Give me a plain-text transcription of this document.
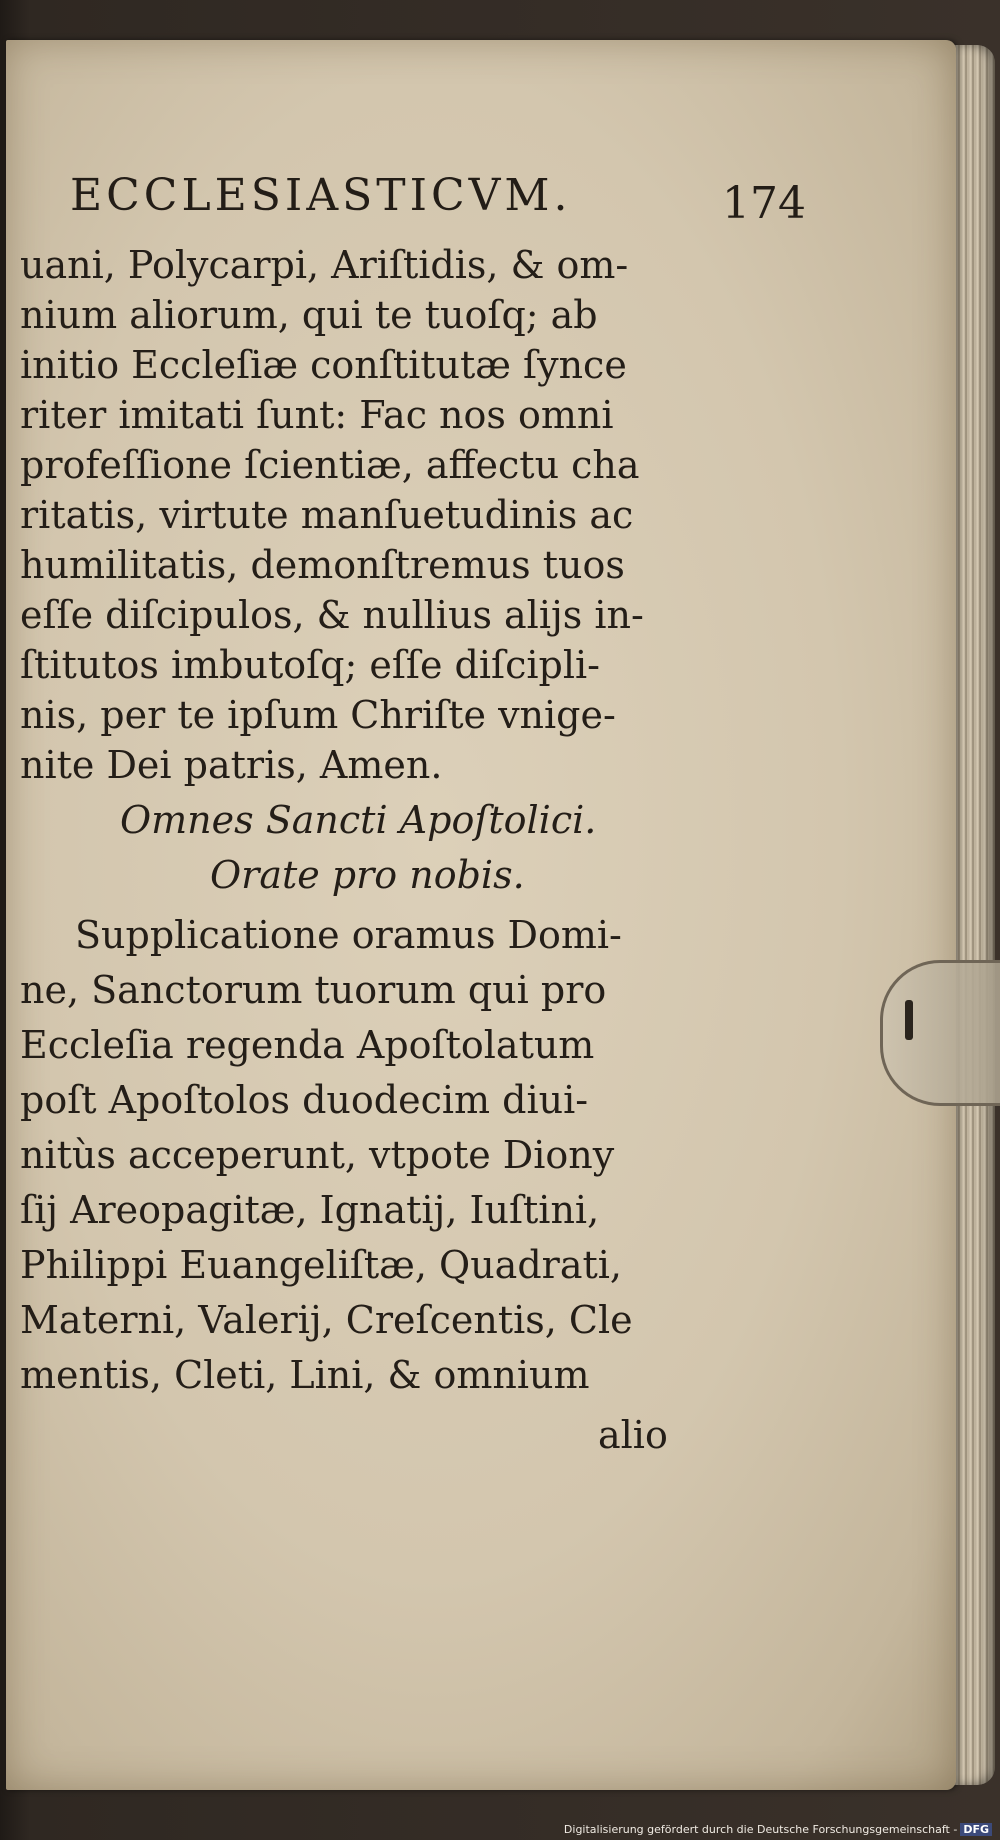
ECCLESIASTICVM.	174
uani, Polycarpi, Ariſtidis, & om-
nium aliorum, qui te tuoſq; ab
initio Eccleſiæ conſtitutæ ſynce
riter imitati ſunt: Fac nos omni
profeſſione ſcientiæ, affectu cha
ritatis, virtute manſuetudinis ac
humilitatis, demonſtremus tuos
eſſe diſcipulos, & nullius alijs in-
ſtitutos imbutoſq; eſſe diſcipli-
nis, per te ipſum Chriſte vnige-
nite Dei patris, Amen.
Omnes Sancti Apoſtolici.
Orate pro nobis.
Supplicatione oramus Domi-
ne, Sanctorum tuorum qui pro
Eccleſia regenda Apoſtolatum
poſt Apoſtolos duodecim diui-
nitùs acceperunt, vtpote Diony
ſij Areopagitæ, Ignatij, Iuſtini,
Philippi Euangeliſtæ, Quadrati,
Materni, Valerij, Creſcentis, Cle
mentis, Cleti, Lini, & omnium
alio
Digitalisierung gefördert durch die Deutsche Forschungsgemeinschaft - DFG
